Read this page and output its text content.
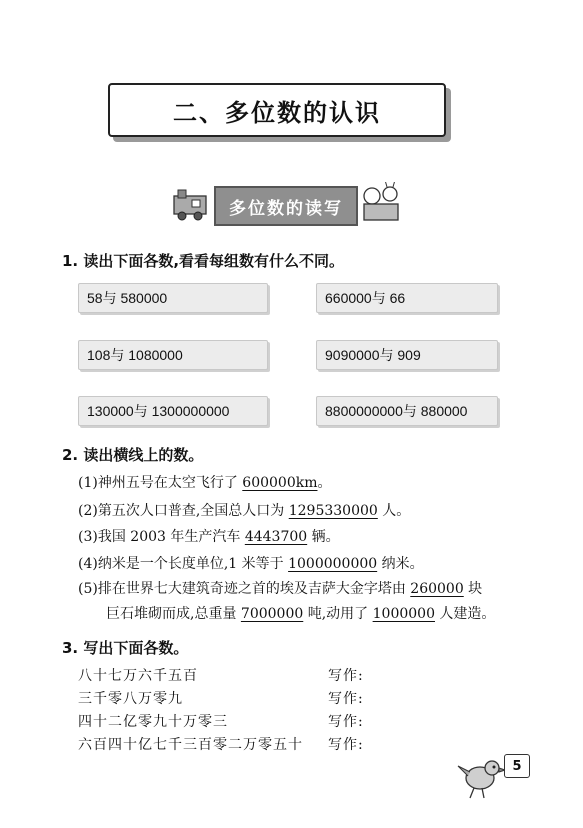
二、多位数的认识
多位数的读写
1. 读出下面各数,看看每组数有什么不同。
58与 580000	660000与 66
108与 1080000	9090000与 909
130000与 1300000000	8800000000与 880000
2. 读出横线上的数。
(1)神州五号在太空飞行了 600000km。
(2)第五次人口普查,全国总人口为 1295330000 人。
(3)我国 2003 年生产汽车 4443700 辆。
(4)纳米是一个长度单位,1 米等于 1000000000 纳米。
(5)排在世界七大建筑奇迹之首的埃及吉萨大金字塔由 260000 块
巨石堆砌而成,总重量 7000000 吨,动用了 1000000 人建造。
3. 写出下面各数。
八十七万六千五百	写作:
三千零八万零九	写作:
四十二亿零九十万零三	写作:
六百四十亿七千三百零二万零五十 写作:
5
